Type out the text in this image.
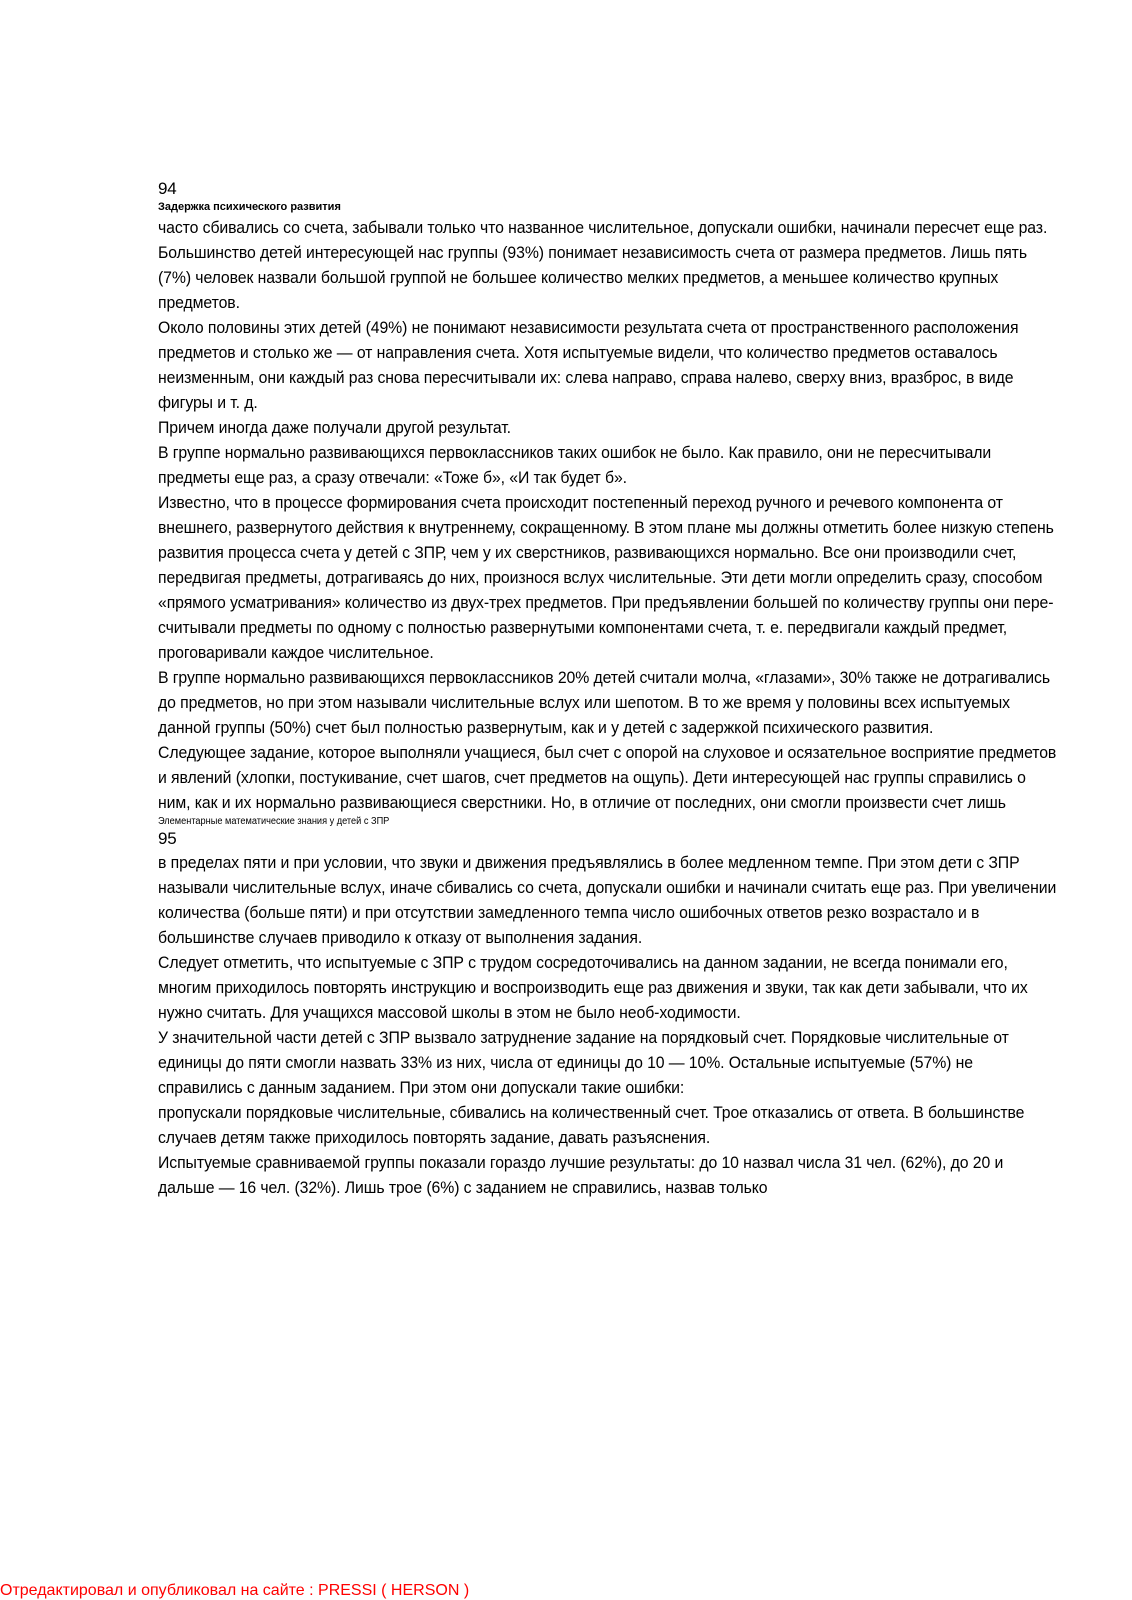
94
Задержка психического развития

часто сбивались со счета, забывали только что названное числительное, допускали ошибки, начинали пересчет еще раз.

Большинство детей интересующей нас группы (93%) понимает независимость счета от размера предметов. Лишь пять (7%) человек назвали большой группой не большее количество мелких предметов, а меньшее количество крупных предметов.

Около половины этих детей (49%) не понимают независимости результата счета от пространственного расположения предметов и столько же — от направления счета. Хотя испытуемые видели, что количество предметов оставалось неизменным, они каждый раз снова пересчитывали их: слева направо, справа налево, сверху вниз, вразброс, в виде фигуры и т. д.

Причем иногда даже получали другой результат.

В группе нормально развивающихся первоклассников таких ошибок не было. Как правило, они не пересчитывали предметы еще раз, а сразу отвечали: «Тоже б», «И так будет б».

Известно, что в процессе формирования счета происходит постепенный переход ручного и речевого компонента от внешнего, развернутого действия к внутреннему, сокращенному. В этом плане мы должны отметить более низкую степень развития процесса счета у детей с ЗПР, чем у их сверстников, развивающихся нормально. Все они производили счет, передвигая предметы, дотрагиваясь до них, произнося вслух числительные. Эти дети могли определить сразу, способом «прямого усматривания» количество из двух-трех предметов. При предъявлении большей по количеству группы они пере-считывали предметы по одному с полностью развернутыми компонентами счета, т. е. передвигали каждый предмет, проговаривали каждое числительное.

В группе нормально развивающихся первоклассников 20% детей считали молча, «глазами», 30% также не дотрагивались до предметов, но при этом называли числительные вслух или шепотом. В то же время у половины всех испытуемых данной группы (50%) счет был полностью развернутым, как и у детей с задержкой психического развития.

Следующее задание, которое выполняли учащиеся, был счет с опорой на слуховое и осязательное восприятие предметов и явлений (хлопки, постукивание, счет шагов, счет предметов на ощупь). Дети интересующей нас группы справились о ним, как и их нормально развивающиеся сверстники. Но, в отличие от последних, они смогли произвести счет лишь

Элементарные математические знания у детей с ЗПР
95

в пределах пяти и при условии, что звуки и движения предъявлялись в более медленном темпе. При этом дети с ЗПР называли числительные вслух, иначе сбивались со счета, допускали ошибки и начинали считать еще раз. При увеличении количества (больше пяти) и при отсутствии замедленного темпа число ошибочных ответов резко возрастало и в большинстве случаев приводило к отказу от выполнения задания.

Следует отметить, что испытуемые с ЗПР с трудом сосредоточивались на данном задании, не всегда понимали его, многим приходилось повторять инструкцию и воспроизводить еще раз движения и звуки, так как дети забывали, что их нужно считать. Для учащихся массовой школы в этом не было необ-ходимости.

У значительной части детей с ЗПР вызвало затруднение задание на порядковый счет. Порядковые числительные от единицы до пяти смогли назвать 33% из них, числа от единицы до 10 — 10%. Остальные испытуемые (57%) не справились с данным заданием. При этом они допускали такие ошибки:

пропускали порядковые числительные, сбивались на количественный счет. Трое отказались от ответа. В большинстве случаев детям также приходилось повторять задание, давать разъяснения.

Испытуемые сравниваемой группы показали гораздо лучшие результаты: до 10 назвал числа 31 чел. (62%), до 20 и дальше — 16 чел. (32%). Лишь трое (6%) с заданием не справились, назвав только

Отредактировал и опубликовал на сайте : PRESSI ( HERSON )
